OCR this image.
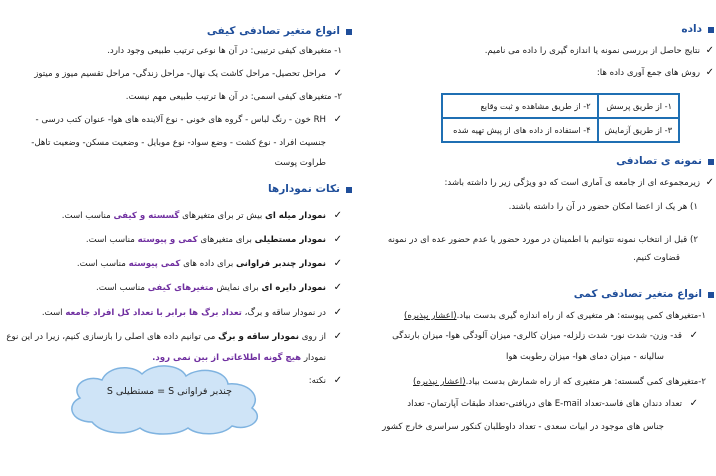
داده
✓
نتایج حاصل از بررسی نمونه یا اندازه گیری را داده می نامیم.
✓
روش های جمع آوری داده ها:
۱- از طریق پرسش	۲- از طریق مشاهده و ثبت وقایع
۳- از طریق آزمایش	۴- استفاده از داده های از پیش تهیه شده
نمونه ی تصادفی
✓
زیرمجموعه ای از جامعه ی آماری است که دو ویژگی زیر را داشته باشد:
۱) هر یک از اعضا امکان حضور در آن را داشته باشند.
۲) قبل از انتخاب نمونه نتوانیم با اطمینان در مورد حضور یا عدم حضور عده ای در نمونه
قضاوت کنیم.
انواع متغیر تصادفی کمی
۱-متغیرهای کمی پیوسته: هر متغیری که از راه اندازه گیری بدست بیاد.(اعشار بپذیره)
✓
قد- وزن- شدت نور- شدت زلزله- میزان کالری- میزان آلودگی هوا- میزان بارندگی
سالیانه - میزان دمای هوا- میزان رطوبت هوا
۲-متغیرهای کمی گسسته: هر متغیری که از راه شمارش بدست بیاد.(اعشار نپذیره)
✓
تعداد دندان های فاسد-تعداد E-mail های دریافتی-تعداد طبقات آپارتمان- تعداد
جناس های موجود در ابیات سعدی - تعداد داوطلبان کنکور سراسری خارج کشور
انواع متغیر تصادفی کیفی
۱- متغیرهای کیفی ترتیبی: در آن ها نوعی ترتیب طبیعی وجود دارد.
✓
مراحل تحصیل- مراحل کاشت یک نهال- مراحل زندگی- مراحل تقسیم میوز و میتوز
۲- متغیرهای کیفی اسمی: در آن ها ترتیب طبیعی مهم نیست.
✓
RH خون - رنگ لباس - گروه های خونی - نوع آلاینده های هوا- عنوان کتب درسی -
جنسیت افراد - نوع کشت - وضع سواد- نوع موبایل - وضعیت مسکن- وضعیت تاهل-
طراوت پوست
نکات نمودارها
✓
نمودار میله ای بیش تر برای متغیرهای گسسته و کیفی مناسب است.
✓
نمودار مستطیلی برای متغیرهای کمی و پیوسته مناسب است.
✓
نمودار چندبر فراوانی برای داده های کمی پیوسته مناسب است.
✓
نمودار دایره ای برای نمایش متغیرهای کیفی مناسب است.
✓
در نمودار ساقه و برگ، تعداد برگ ها برابر با تعداد کل افراد جامعه است.
✓
از روی نمودار ساقه و برگ می توانیم داده های اصلی را بازسازی کنیم، زیرا در این نوع
نمودار هیچ گونه اطلاعاتی از بین نمی رود.
✓
نکته:
چندبر فراوانی S = مستطیلی S
